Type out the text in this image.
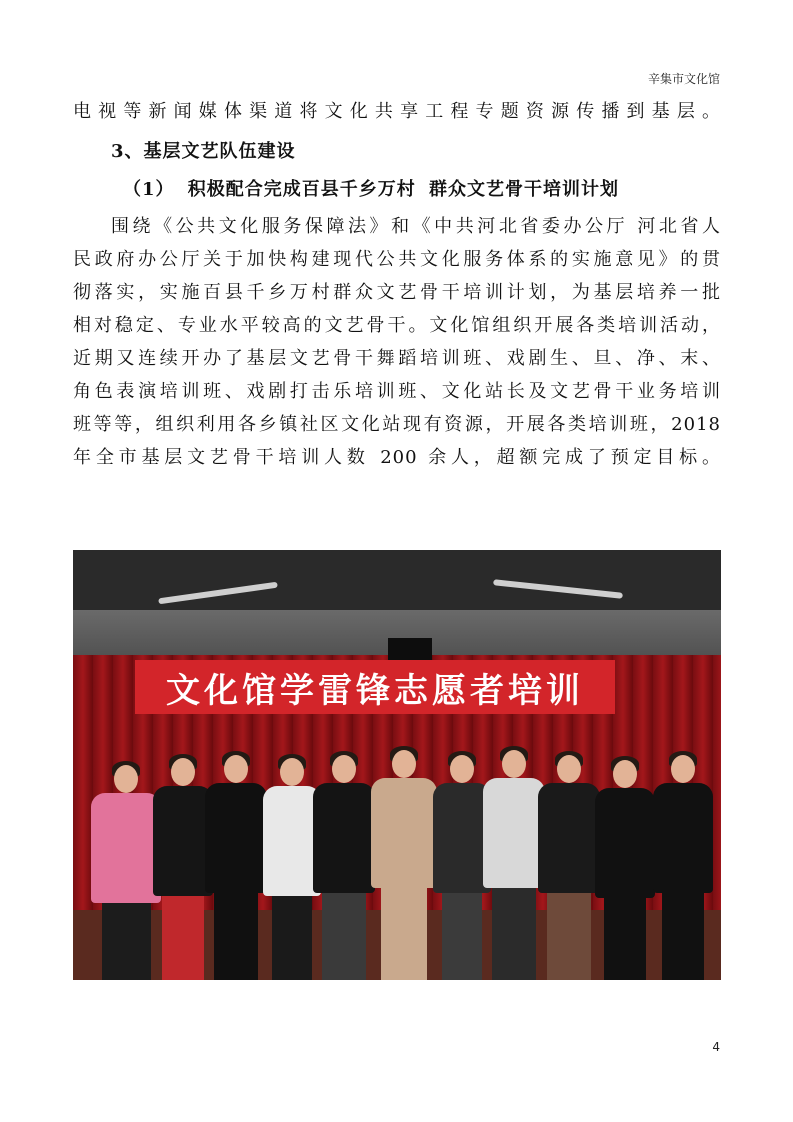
辛集市文化馆
电视等新闻媒体渠道将文化共享工程专题资源传播到基层。
3、基层文艺队伍建设
（1） 积极配合完成百县千乡万村 群众文艺骨干培训计划
围绕《公共文化服务保障法》和《中共河北省委办公厅 河北省人
民政府办公厅关于加快构建现代公共文化服务体系的实施意见》的贯
彻落实，实施百县千乡万村群众文艺骨干培训计划，为基层培养一批
相对稳定、专业水平较高的文艺骨干。文化馆组织开展各类培训活动，
近期又连续开办了基层文艺骨干舞蹈培训班、戏剧生、旦、净、末、
角色表演培训班、戏剧打击乐培训班、文化站长及文艺骨干业务培训
班等等，组织利用各乡镇社区文化站现有资源，开展各类培训班，2018
年全市基层文艺骨干培训人数 200 余人，超额完成了预定目标。
文化馆学雷锋志愿者培训
4
